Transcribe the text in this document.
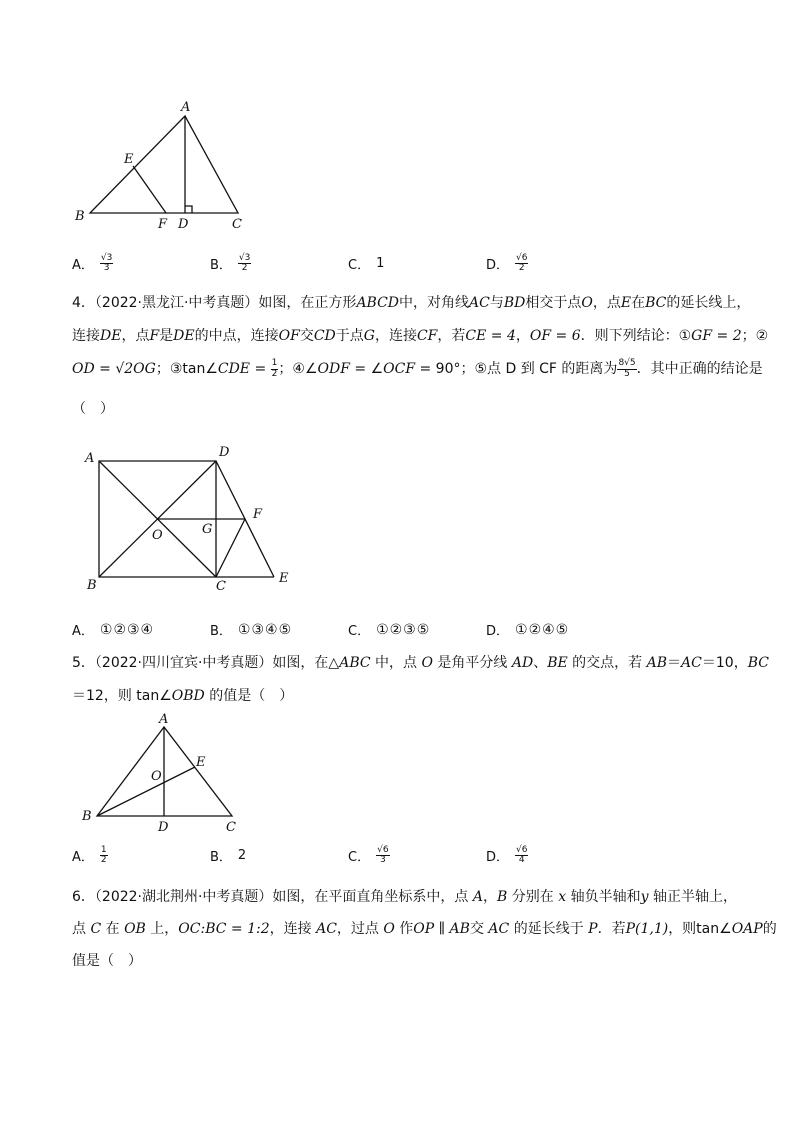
A
E
B
F D	C
A． $\frac{√3}{3}$	B． $\frac{√3}{2}$	C． 1	D． $\frac{√6}{2}$
4．（2022·黑龙江·中考真题）如图，在正方形ABCD中，对角线AC与BD相交于点O，点E在BC的延长线上，
连接DE，点F是DE的中点，连接OF交CD于点G，连接CF，若CE = 4，OF = 6．则下列结论：①GF = 2；②
OD = √2OG；③tan∠CDE = $\frac{1}{2}$ ；④∠ODF = ∠OCF = 90°；⑤点 D 到 CF 的距离为 $\frac{8√5}{5}$ ．其中正确的结论是
（　）
A	D
F
G
O
B	C
E
A． ①②③④	B． ①③④⑤	C． ①②③⑤	D． ①②④⑤
5．（2022·四川宜宾·中考真题）如图，在△ABC 中，点 O 是角平分线 AD、BE 的交点，若 AB＝AC＝10，BC
＝12，则 tan∠OBD 的值是（　）
A
E
O
B
D	C
A． $\frac{1}{2}$	B． 2	C． $\frac{√6}{3}$	D． $\frac{√6}{4}$
6．（2022·湖北荆州·中考真题）如图，在平面直角坐标系中，点 A，B 分别在 x 轴负半轴和y 轴正半轴上，
点 C 在 OB 上，OC:BC = 1:2，连接 AC，过点 O 作OP ∥ AB交 AC 的延长线于 P．若P(1,1)，则tan∠OAP的
值是（　）
